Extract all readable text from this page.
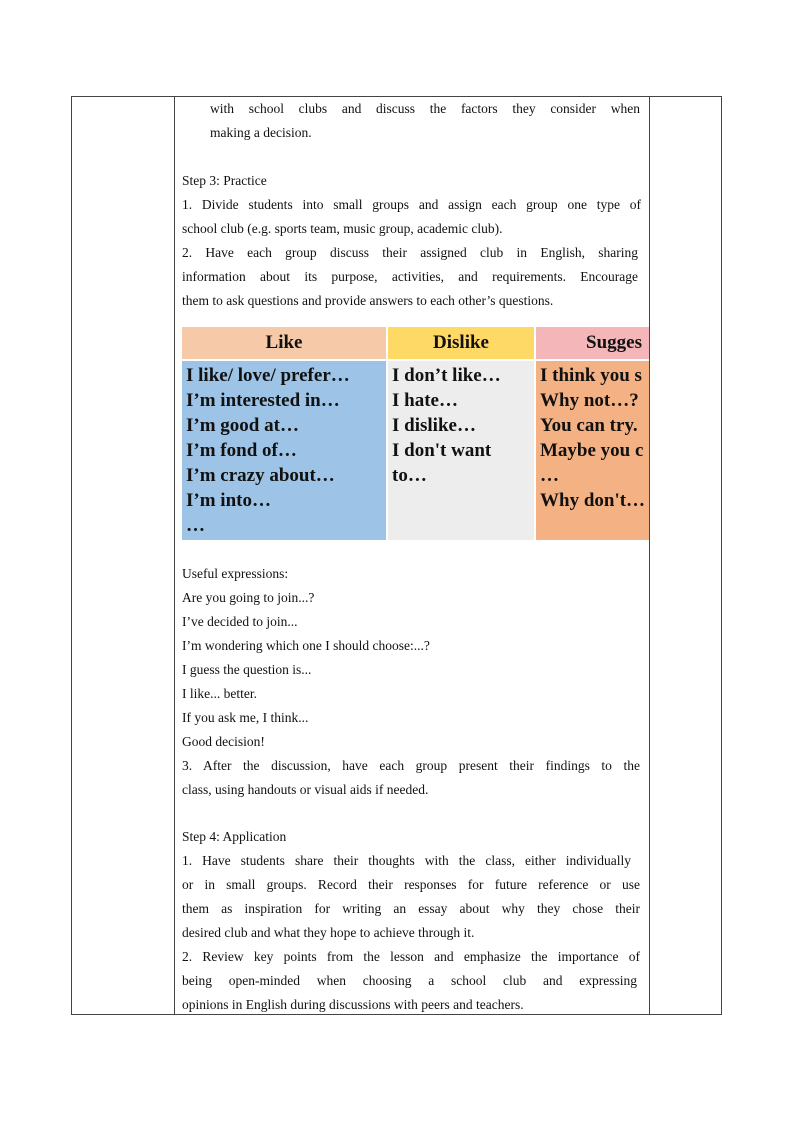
with school clubs and discuss the factors they consider when
making a decision.
Step 3: Practice
1. Divide students into small groups and assign each group one type of
school club (e.g. sports team, music group, academic club).
2. Have each group discuss their assigned club in English, sharing
information about its purpose, activities, and requirements. Encourage
them to ask questions and provide answers to each other’s questions.
Like	Dislike	Sugges
I like/ love/ prefer…
I’m interested in…
I’m good at…
I’m fond of…
I’m crazy about…
I’m into…
…
I don’t like…
I hate…
I dislike…
I don't want
to…
I think you s
Why not…?
You can try.
Maybe you c
…
Why don't…
Useful expressions:
Are you going to join...?
I’ve decided to join...
I’m wondering which one I should choose:...?
I guess the question is...
I like... better.
If you ask me, I think...
Good decision!
3. After the discussion, have each group present their findings to the
class, using handouts or visual aids if needed.
Step 4: Application
1. Have students share their thoughts with the class, either individually
or in small groups. Record their responses for future reference or use
them as inspiration for writing an essay about why they chose their
desired club and what they hope to achieve through it.
2. Review key points from the lesson and emphasize the importance of
being open-minded when choosing a school club and expressing
opinions in English during discussions with peers and teachers.
